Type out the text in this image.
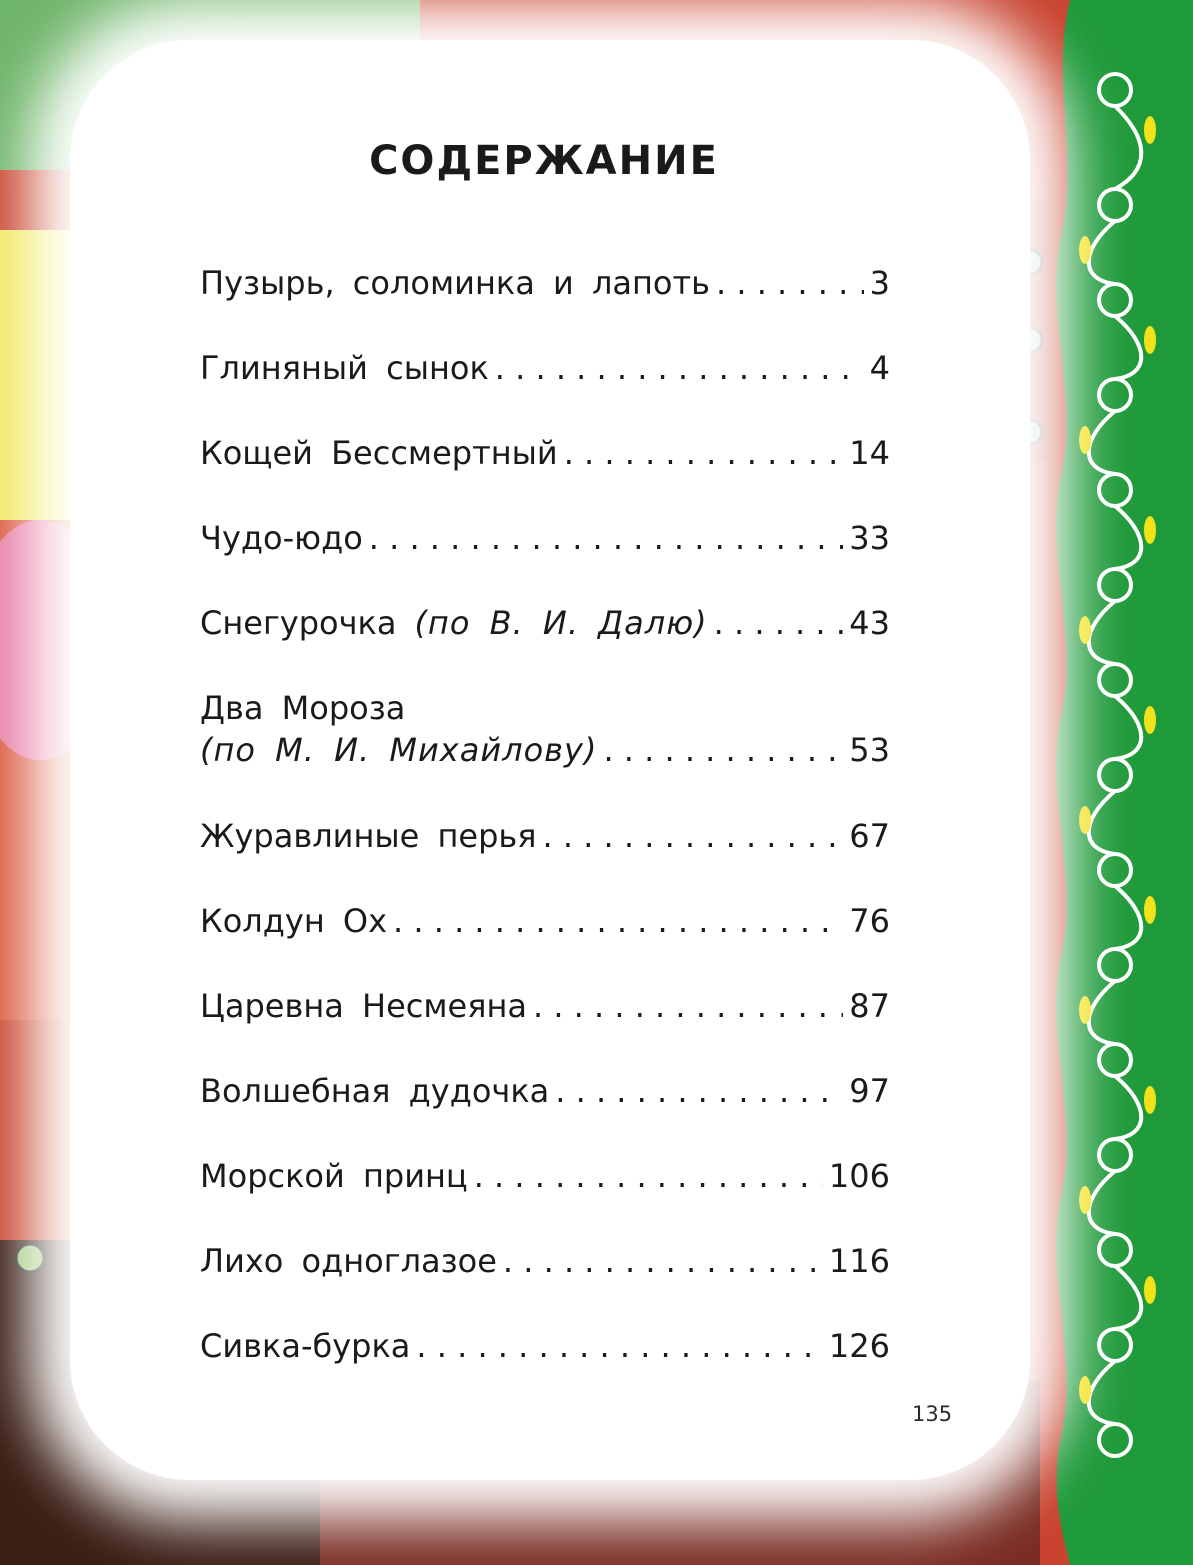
СОДЕРЖАНИЕ
Пузырь, соломинка и лапоть . . .	3
Глиняный сынок . . .	4
Кощей Бессмертный . . .	14
Чудо-юдо . . .	33
Снегурочка (по В. И. Далю) . . .	43
Два Мороза
(по М. И. Михайлову) . . .	53
Журавлиные перья . . .	67
Колдун Ох . . .	76
Царевна Несмеяна . . .	87
Волшебная дудочка . . .	97
Морской принц . . .	106
Лихо одноглазое . . .	116
Сивка-бурка . . .	126
135
